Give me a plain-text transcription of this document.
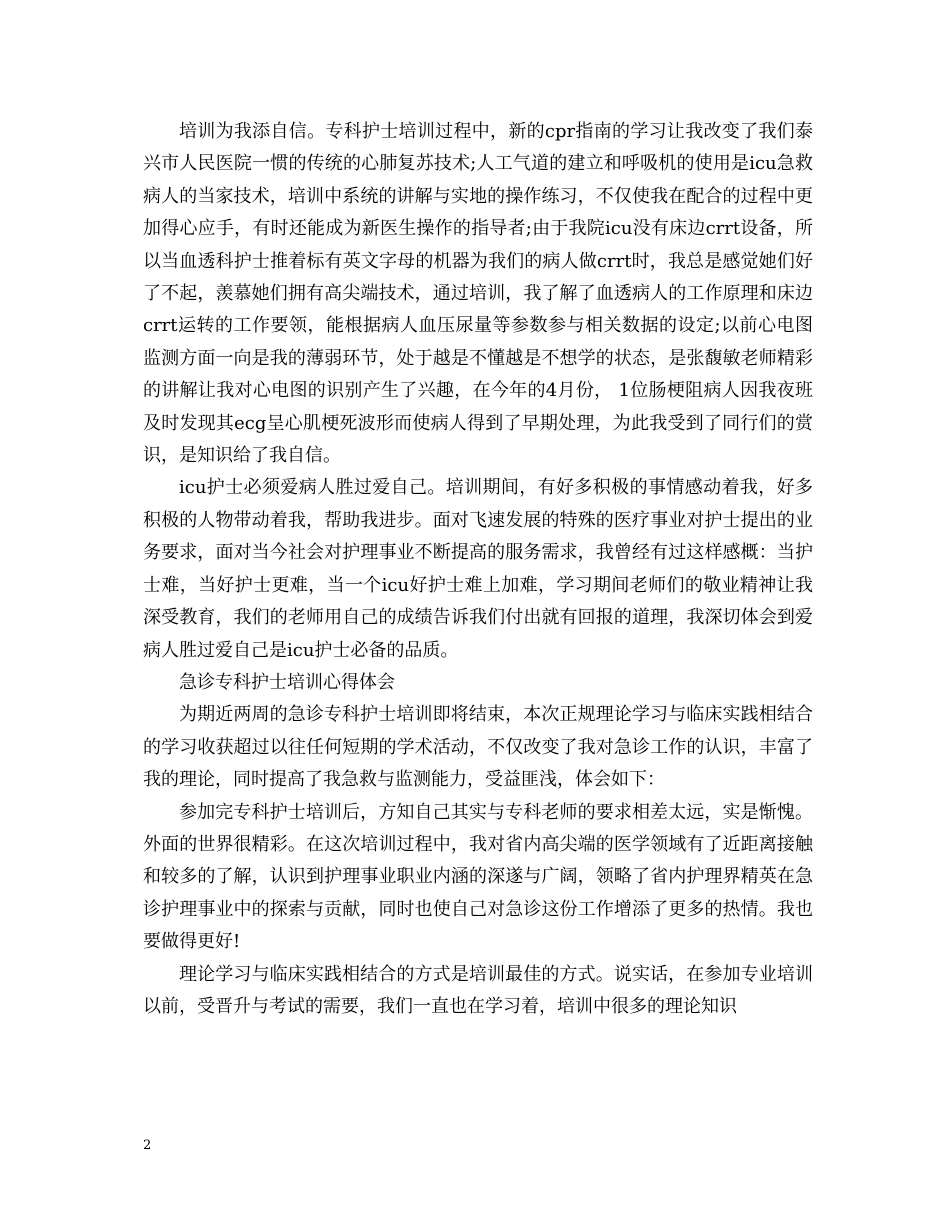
培训为我添自信。专科护士培训过程中，新的cpr指南的学习让我改变了我们泰兴市人民医院一惯的传统的心肺复苏技术;人工气道的建立和呼吸机的使用是icu急救病人的当家技术，培训中系统的讲解与实地的操作练习，不仅使我在配合的过程中更加得心应手，有时还能成为新医生操作的指导者;由于我院icu没有床边crrt设备，所以当血透科护士推着标有英文字母的机器为我们的病人做crrt时，我总是感觉她们好了不起，羡慕她们拥有高尖端技术，通过培训，我了解了血透病人的工作原理和床边crrt运转的工作要领，能根据病人血压尿量等参数参与相关数据的设定;以前心电图监测方面一向是我的薄弱环节，处于越是不懂越是不想学的状态，是张馥敏老师精彩的讲解让我对心电图的识别产生了兴趣，在今年的4月份， 1位肠梗阻病人因我夜班及时发现其ecg呈心肌梗死波形而使病人得到了早期处理，为此我受到了同行们的赏识，是知识给了我自信。

icu护士必须爱病人胜过爱自己。培训期间，有好多积极的事情感动着我，好多积极的人物带动着我，帮助我进步。面对飞速发展的特殊的医疗事业对护士提出的业务要求，面对当今社会对护理事业不断提高的服务需求，我曾经有过这样感概：当护士难，当好护士更难，当一个icu好护士难上加难，学习期间老师们的敬业精神让我深受教育，我们的老师用自己的成绩告诉我们付出就有回报的道理，我深切体会到爱病人胜过爱自己是icu护士必备的品质。

急诊专科护士培训心得体会

为期近两周的急诊专科护士培训即将结束，本次正规理论学习与临床实践相结合的学习收获超过以往任何短期的学术活动，不仅改变了我对急诊工作的认识，丰富了我的理论，同时提高了我急救与监测能力，受益匪浅，体会如下：

参加完专科护士培训后，方知自己其实与专科老师的要求相差太远，实是惭愧。外面的世界很精彩。在这次培训过程中，我对省内高尖端的医学领域有了近距离接触和较多的了解，认识到护理事业职业内涵的深遂与广阔，领略了省内护理界精英在急诊护理事业中的探索与贡献，同时也使自己对急诊这份工作增添了更多的热情。我也要做得更好!

理论学习与临床实践相结合的方式是培训最佳的方式。说实话，在参加专业培训以前，受晋升与考试的需要，我们一直也在学习着，培训中很多的理论知识

2
